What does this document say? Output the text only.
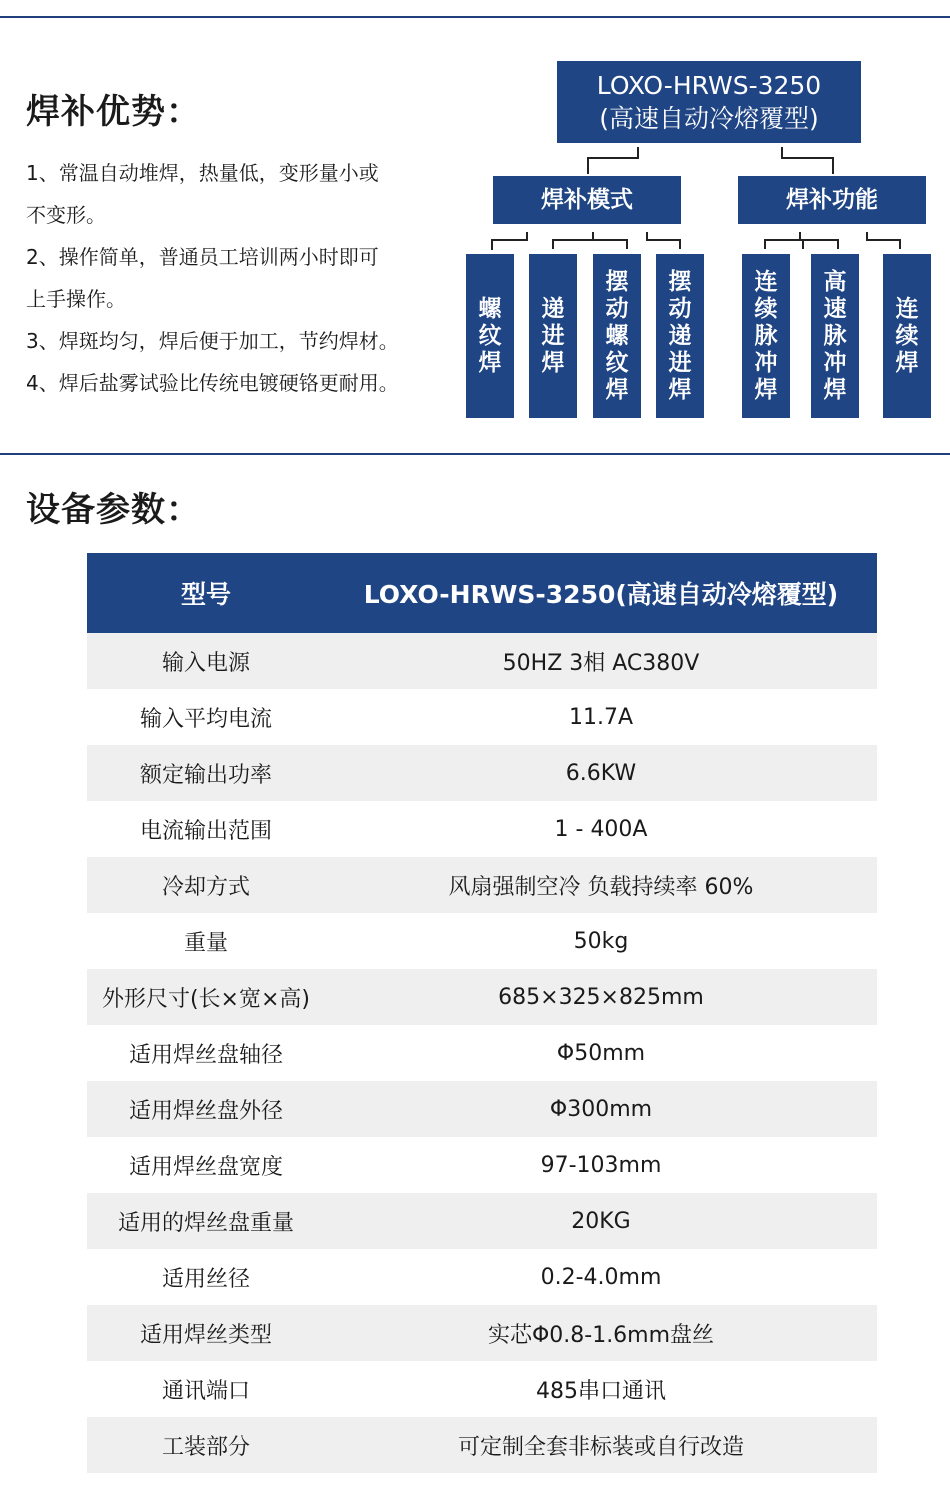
焊补优势：
1、常温自动堆焊，热量低，变形量小或
不变形。
2、操作简单，普通员工培训两小时即可
上手操作。
3、焊斑均匀，焊后便于加工，节约焊材。
4、焊后盐雾试验比传统电镀硬铬更耐用。
LOXO-HRWS-3250
(高速自动冷熔覆型)
焊补模式	焊补功能
螺纹焊
递进焊
摆动螺纹焊
摆动递进焊
连续脉冲焊
高速脉冲焊
连续焊
设备参数：
型号	LOXO-HRWS-3250(高速自动冷熔覆型)
输入电源	50HZ 3相 AC380V
输入平均电流	11.7A
额定输出功率	6.6KW
电流输出范围	1 - 400A
冷却方式	风扇强制空冷 负载持续率 60%
重量	50kg
外形尺寸(长×宽×高)	685×325×825mm
适用焊丝盘轴径	Φ50mm
适用焊丝盘外径	Φ300mm
适用焊丝盘宽度	97-103mm
适用的焊丝盘重量	20KG
适用丝径	0.2-4.0mm
适用焊丝类型	实芯Φ0.8-1.6mm盘丝
通讯端口	485串口通讯
工装部分	可定制全套非标装或自行改造
